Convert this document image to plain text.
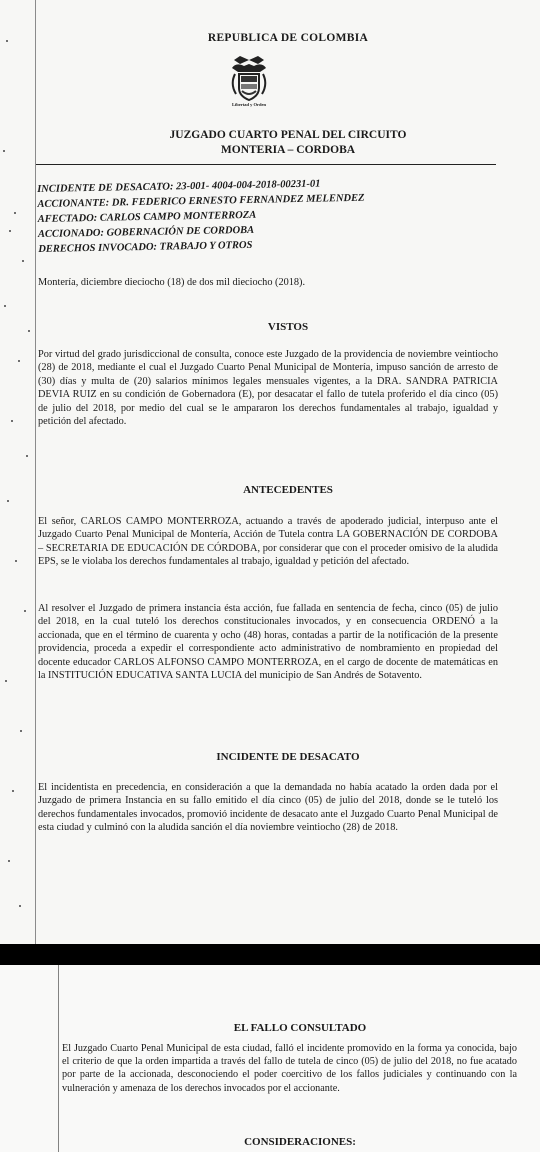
REPUBLICA DE COLOMBIA
Libertad y Orden
JUZGADO CUARTO PENAL DEL CIRCUITO
MONTERIA – CORDOBA
INCIDENTE DE DESACATO: 23-001- 4004-004-2018-00231-01
ACCIONANTE: DR. FEDERICO ERNESTO FERNANDEZ MELENDEZ
AFECTADO: CARLOS CAMPO MONTERROZA
ACCIONADO: GOBERNACIÓN DE CORDOBA
DERECHOS INVOCADO: TRABAJO Y OTROS
Montería, diciembre dieciocho (18) de dos mil dieciocho (2018).
VISTOS
Por virtud del grado jurisdiccional de consulta, conoce este Juzgado de la providencia de noviembre veintiocho (28) de 2018, mediante el cual el Juzgado Cuarto Penal Municipal de Montería, impuso sanción de arresto de (30) días y multa de (20) salarios mínimos legales mensuales vigentes, a la DRA. SANDRA PATRICIA DEVIA RUIZ en su condición de Gobernadora (E), por desacatar el fallo de tutela proferido el día cinco (05) de julio del 2018, por medio del cual se le ampararon los derechos fundamentales al trabajo, igualdad y petición del afectado.
ANTECEDENTES
El señor, CARLOS CAMPO MONTERROZA, actuando a través de apoderado judicial, interpuso ante el Juzgado Cuarto Penal Municipal de Montería, Acción de Tutela contra LA GOBERNACIÓN DE CORDOBA – SECRETARIA DE EDUCACIÓN DE CÓRDOBA, por considerar que con el proceder omisivo de la aludida EPS, se le violaba los derechos fundamentales al trabajo, igualdad y petición del afectado.
Al resolver el Juzgado de primera instancia ésta acción, fue fallada en sentencia de fecha, cinco (05) de julio del 2018, en la cual tuteló los derechos constitucionales invocados, y en consecuencia ORDENÓ a la accionada, que en el término de cuarenta y ocho (48) horas, contadas a partir de la notificación de la presente providencia, proceda a expedir el correspondiente acto administrativo de nombramiento en propiedad del docente educador CARLOS ALFONSO CAMPO MONTERROZA, en el cargo de docente de matemáticas en la INSTITUCIÓN EDUCATIVA SANTA LUCIA del municipio de San Andrés de Sotavento.
INCIDENTE DE DESACATO
El incidentista en precedencia, en consideración a que la demandada no había acatado la orden dada por el Juzgado de primera Instancia en su fallo emitido el día cinco (05) de julio del 2018, donde se le tuteló los derechos fundamentales invocados, promovió incidente de desacato ante el Juzgado Cuarto Penal Municipal de esta ciudad y culminó con la aludida sanción el día noviembre veintiocho (28) de 2018.
EL FALLO CONSULTADO
El Juzgado Cuarto Penal Municipal de esta ciudad, falló el incidente promovido en la forma ya conocida, bajo el criterio de que la orden impartida a través del fallo de tutela de cinco (05) de julio del 2018, no fue acatado por parte de la accionada, desconociendo el poder coercitivo de los fallos judiciales y continuando con la vulneración y amenaza de los derechos invocados por el accionante.
CONSIDERACIONES:
